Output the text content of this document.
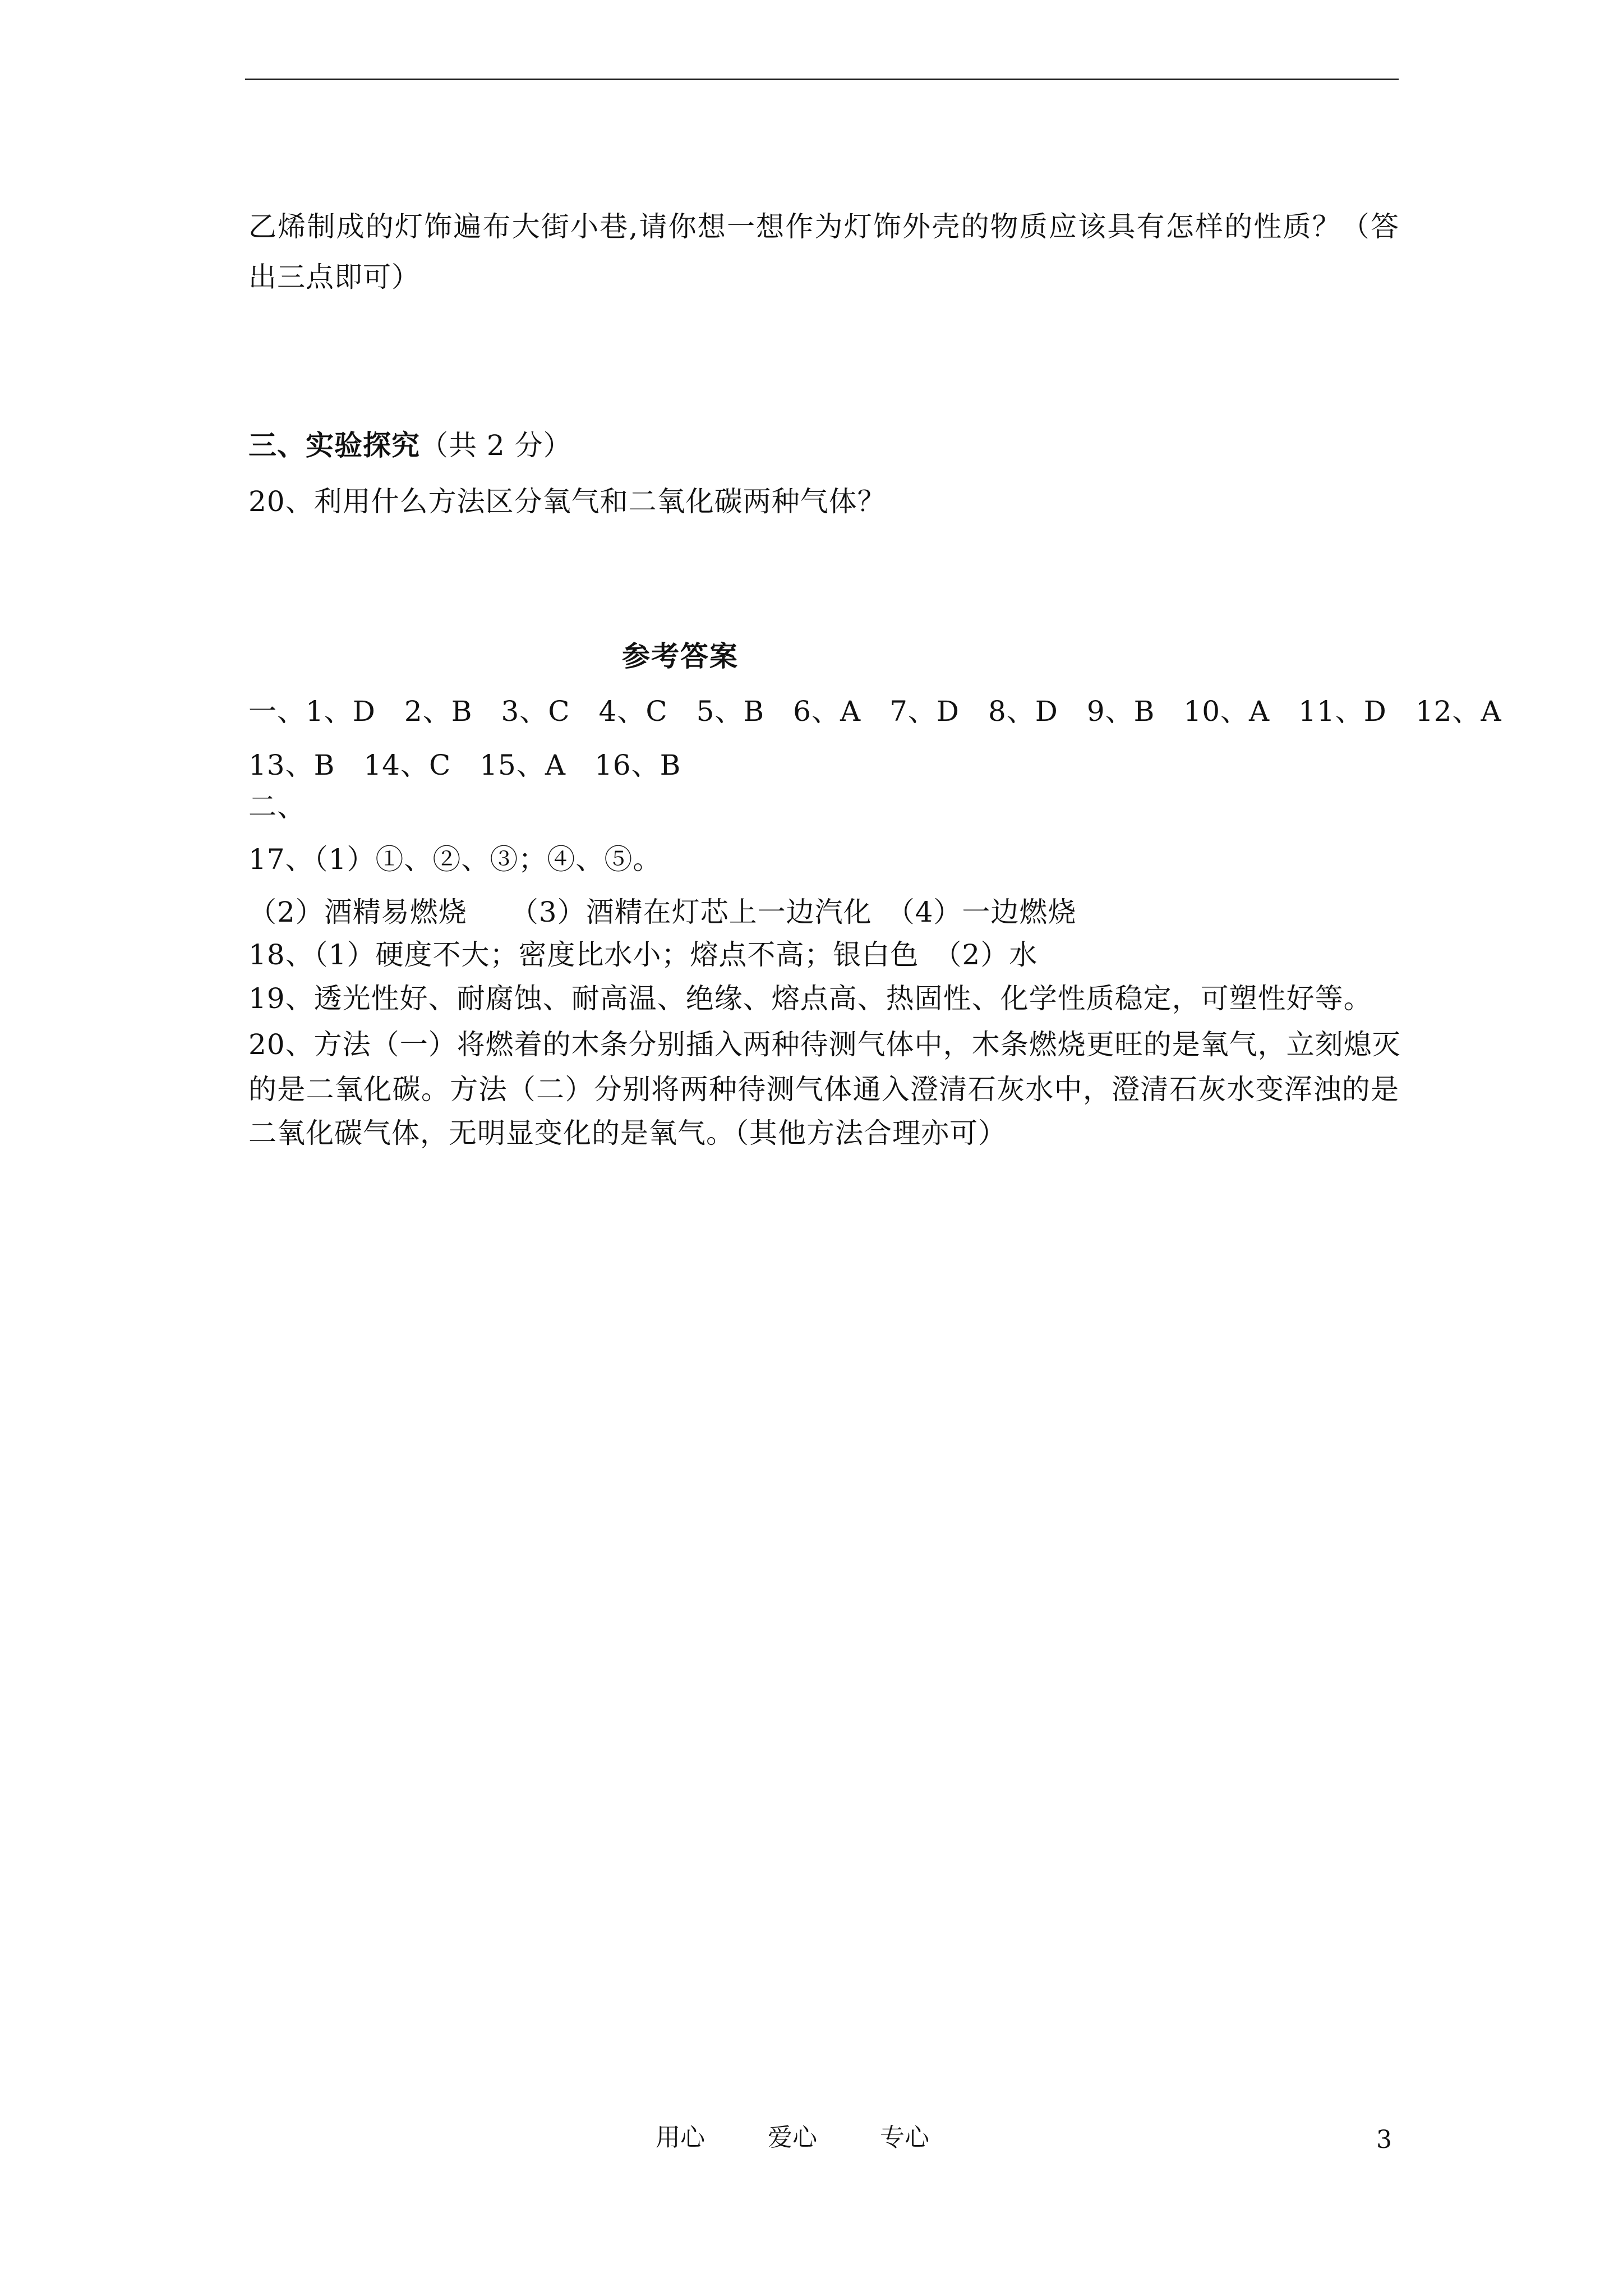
乙烯制成的灯饰遍布大街小巷,请你想一想作为灯饰外壳的物质应该具有怎样的性质？（答
出三点即可）
三、实验探究（共 2 分）
20、利用什么方法区分氧气和二氧化碳两种气体？
参考答案
一、1、D　2、B　3、C　4、C　5、B　6、A　7、D　8、D　9、B　10、A　11、D　12、A
13、B　14、C　15、A　16、B
二、
17、（1）①、②、③；④、⑤。
（2）酒精易燃烧　　（3）酒精在灯芯上一边汽化　（4）一边燃烧
18、（1）硬度不大；密度比水小；熔点不高；银白色　（2）水
19、透光性好、耐腐蚀、耐高温、绝缘、熔点高、热固性、化学性质稳定，可塑性好等。
20、方法（一）将燃着的木条分别插入两种待测气体中，木条燃烧更旺的是氧气，立刻熄灭
的是二氧化碳。方法（二）分别将两种待测气体通入澄清石灰水中，澄清石灰水变浑浊的是
二氧化碳气体，无明显变化的是氧气。（其他方法合理亦可）
用心	爱心	专心	3
